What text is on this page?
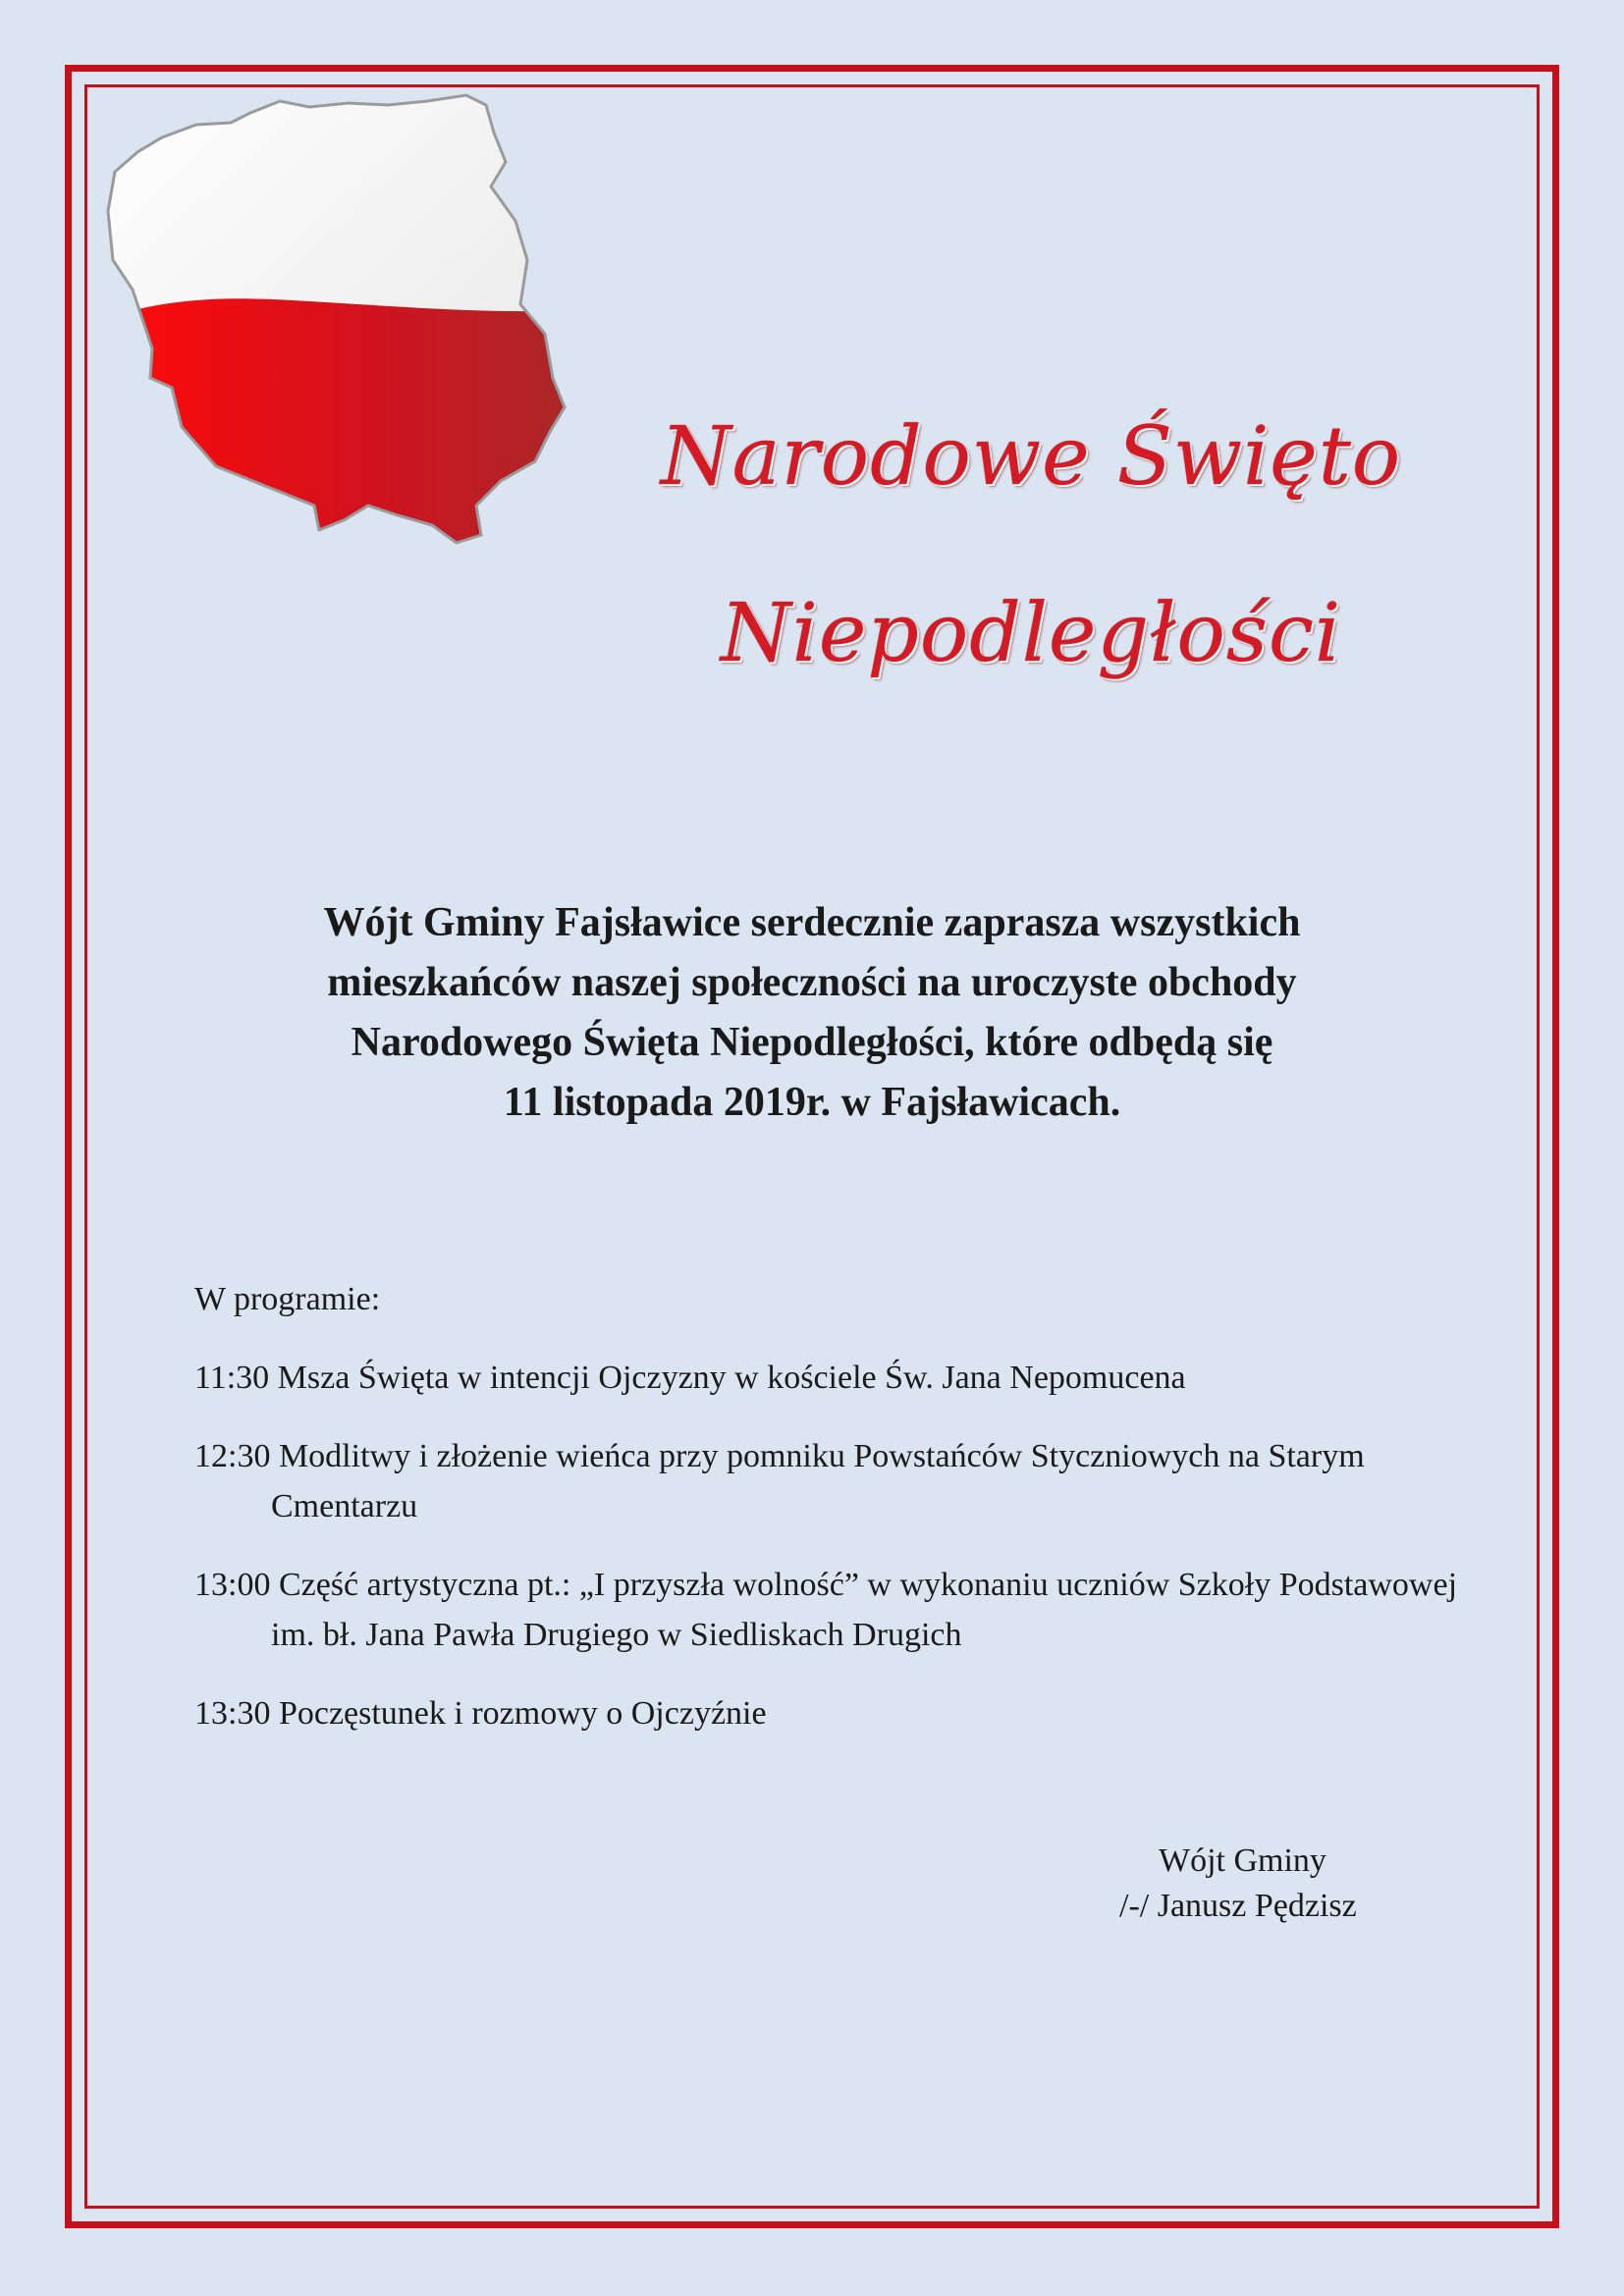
Narodowe Święto
Niepodległości
Wójt Gminy Fajsławice serdecznie zaprasza wszystkich
mieszkańców naszej społeczności na uroczyste obchody
Narodowego Święta Niepodległości, które odbędą się
11 listopada 2019r. w Fajsławicach.
W programie:
11:30 Msza Święta w intencji Ojczyzny w kościele Św. Jana Nepomucena
12:30 Modlitwy i złożenie wieńca przy pomniku Powstańców Styczniowych na Starym Cmentarzu
13:00 Część artystyczna pt.: „I przyszła wolność” w wykonaniu uczniów Szkoły Podstawowej im. bł. Jana Pawła Drugiego w Siedliskach Drugich
13:30 Poczęstunek i rozmowy o Ojczyźnie
Wójt Gminy
/-/ Janusz Pędzisz
